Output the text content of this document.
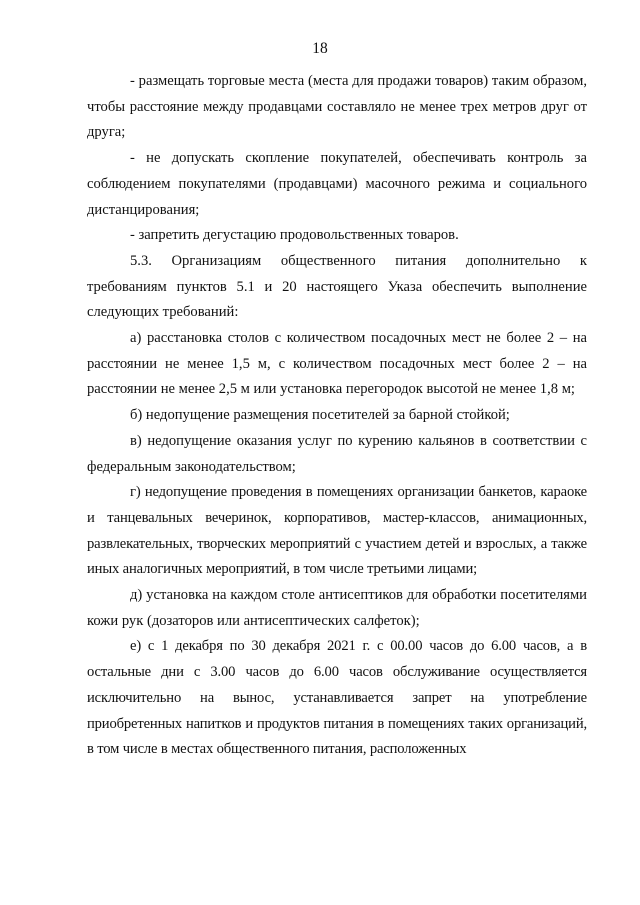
18

- размещать торговые места (места для продажи товаров) таким образом, чтобы расстояние между продавцами составляло не менее трех метров друг от друга;

- не допускать скопление покупателей, обеспечивать контроль за соблюдением покупателями (продавцами) масочного режима и социального дистанцирования;

- запретить дегустацию продовольственных товаров.

5.3. Организациям общественного питания дополнительно к требованиям пунктов 5.1 и 20 настоящего Указа обеспечить выполнение следующих требований:

а) расстановка столов с количеством посадочных мест не более 2 – на расстоянии не менее 1,5 м, с количеством посадочных мест более 2 – на расстоянии не менее 2,5 м или установка перегородок высотой не менее 1,8 м;

б) недопущение размещения посетителей за барной стойкой;

в) недопущение оказания услуг по курению кальянов в соответствии с федеральным законодательством;

г) недопущение проведения в помещениях организации банкетов, караоке и танцевальных вечеринок, корпоративов, мастер-классов, анимационных, развлекательных, творческих мероприятий с участием детей и взрослых, а также иных аналогичных мероприятий, в том числе третьими лицами;

д) установка на каждом столе антисептиков для обработки посетителями кожи рук (дозаторов или антисептических салфеток);

е) с 1 декабря по 30 декабря 2021 г. с 00.00 часов до 6.00 часов, а в остальные дни с 3.00 часов до 6.00 часов обслуживание осуществляется исключительно на вынос, устанавливается запрет на употребление приобретенных напитков и продуктов питания в помещениях таких организаций, в том числе в местах общественного питания, расположенных
